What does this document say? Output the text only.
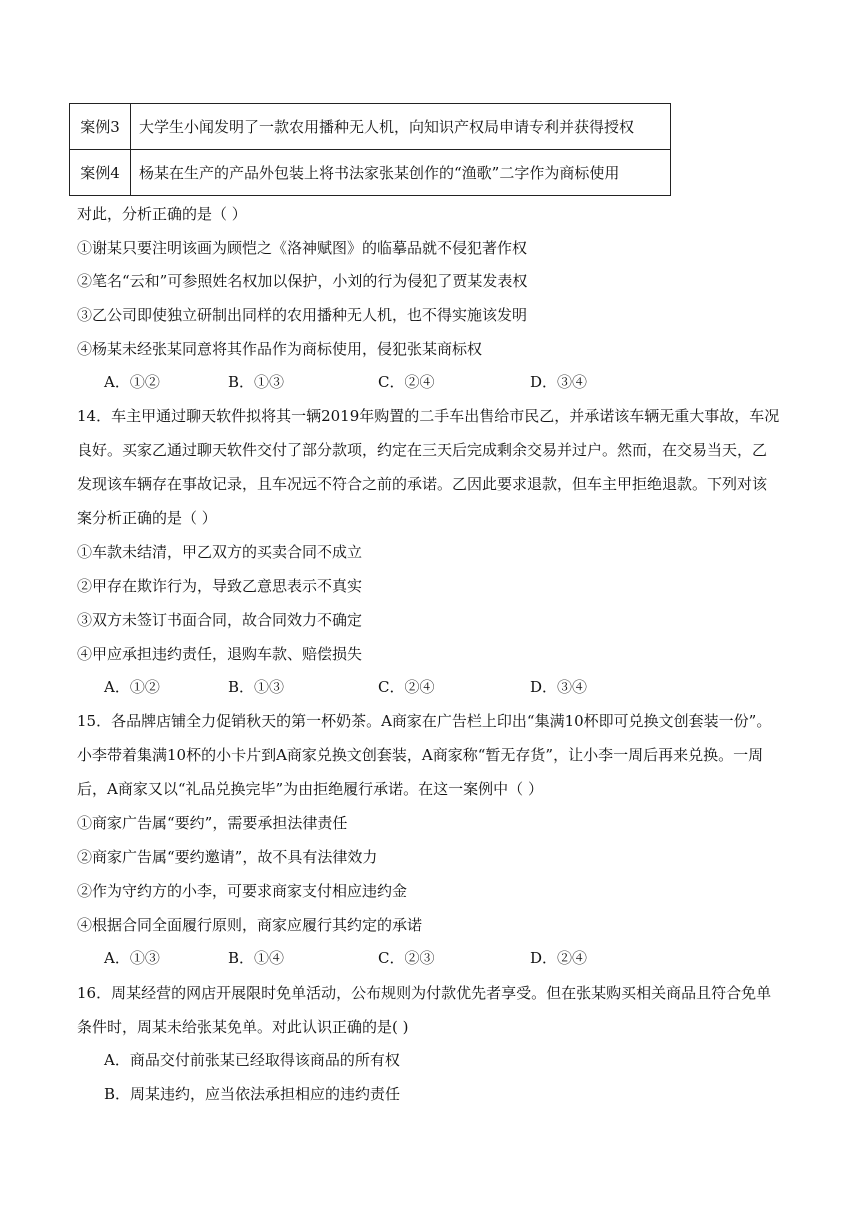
案例3	大学生小闻发明了一款农用播种无人机，向知识产权局申请专利并获得授权
案例4	杨某在生产的产品外包装上将书法家张某创作的“渔歌”二字作为商标使用
对此，分析正确的是（ ）
①谢某只要注明该画为顾恺之《洛神赋图》的临摹品就不侵犯著作权
②笔名“云和”可参照姓名权加以保护，小刘的行为侵犯了贾某发表权
③乙公司即使独立研制出同样的农用播种无人机，也不得实施该发明
④杨某未经张某同意将其作品作为商标使用，侵犯张某商标权
A．①②	B．①③	C．②④	D．③④
14．车主甲通过聊天软件拟将其一辆2019年购置的二手车出售给市民乙，并承诺该车辆无重大事故，车况
良好。买家乙通过聊天软件交付了部分款项，约定在三天后完成剩余交易并过户。然而，在交易当天，乙
发现该车辆存在事故记录，且车况远不符合之前的承诺。乙因此要求退款，但车主甲拒绝退款。下列对该
案分析正确的是（ ）
①车款未结清，甲乙双方的买卖合同不成立
②甲存在欺诈行为，导致乙意思表示不真实
③双方未签订书面合同，故合同效力不确定
④甲应承担违约责任，退购车款、赔偿损失
A．①②	B．①③	C．②④	D．③④
15．各品牌店铺全力促销秋天的第一杯奶茶。A商家在广告栏上印出“集满10杯即可兑换文创套装一份”。
小李带着集满10杯的小卡片到A商家兑换文创套装，A商家称“暂无存货”，让小李一周后再来兑换。一周
后，A商家又以“礼品兑换完毕”为由拒绝履行承诺。在这一案例中（ ）
①商家广告属“要约”，需要承担法律责任
②商家广告属“要约邀请”，故不具有法律效力
②作为守约方的小李，可要求商家支付相应违约金
④根据合同全面履行原则，商家应履行其约定的承诺
A．①③	B．①④	C．②③	D．②④
16．周某经营的网店开展限时免单活动，公布规则为付款优先者享受。但在张某购买相关商品且符合免单
条件时，周某未给张某免单。对此认识正确的是( )
A．商品交付前张某已经取得该商品的所有权
B．周某违约，应当依法承担相应的违约责任
